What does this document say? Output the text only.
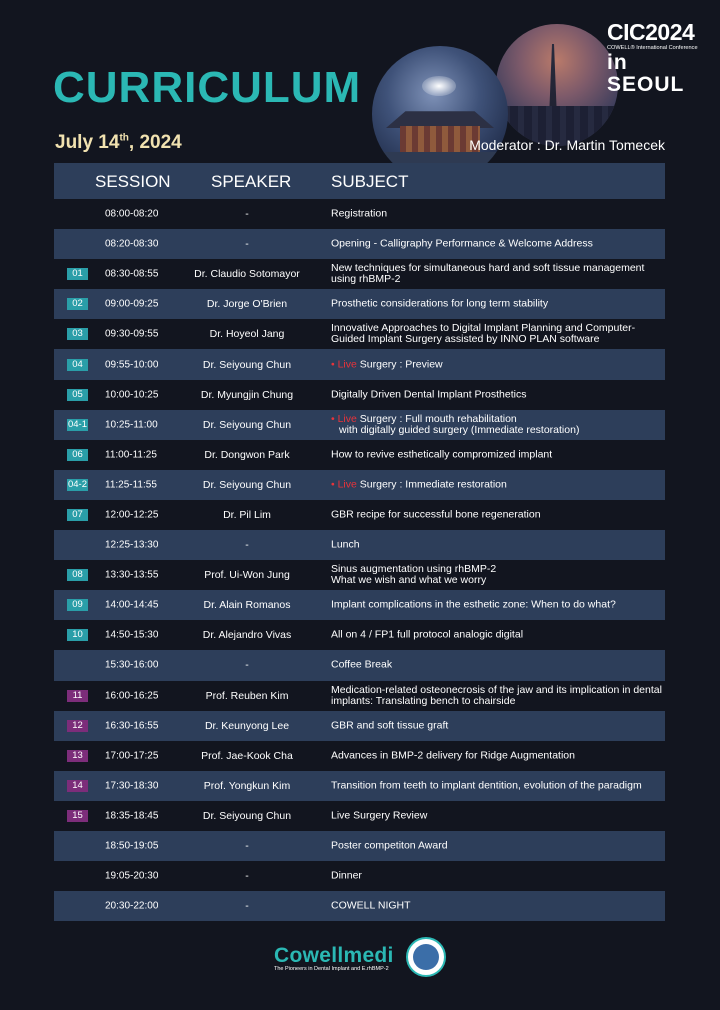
CIC2024
COWELL® International Conference
in SEOUL
CURRICULUM
July 14th, 2024	Moderator : Dr. Martin Tomecek
SESSION SPEAKER SUBJECT
08:00-08:20	-	Registration
08:20-08:30	-	Opening - Calligraphy Performance & Welcome Address
01	08:30-08:55	Dr. Claudio Sotomayor	New techniques for simultaneous hard and soft tissue management using rhBMP-2
02	09:00-09:25	Dr. Jorge O'Brien	Prosthetic considerations for long term stability
03	09:30-09:55	Dr. Hoyeol Jang	Innovative Approaches to Digital Implant Planning and Computer-Guided Implant Surgery assisted by INNO PLAN software
04	09:55-10:00	Dr. Seiyoung Chun	• Live Surgery : Preview
05	10:00-10:25	Dr. Myungjin Chung	Digitally Driven Dental Implant Prosthetics
04-1 10:25-11:00	Dr. Seiyoung Chun	• Live Surgery : Full mouth rehabilitation
with digitally guided surgery (Immediate restoration)
06	11:00-11:25	Dr. Dongwon Park	How to revive esthetically compromized implant
04-2 11:25-11:55	Dr. Seiyoung Chun	• Live Surgery : Immediate restoration
07	12:00-12:25	Dr. Pil Lim	GBR recipe for successful bone regeneration
12:25-13:30	-	Lunch
08	13:30-13:55	Prof. Ui-Won Jung	Sinus augmentation using rhBMP-2
What we wish and what we worry
09	14:00-14:45	Dr. Alain Romanos	Implant complications in the esthetic zone: When to do what?
10	14:50-15:30	Dr. Alejandro Vivas	All on 4 / FP1 full protocol analogic digital
15:30-16:00	-	Coffee Break
11	16:00-16:25	Prof. Reuben Kim	Medication-related osteonecrosis of the jaw and its implication in dental implants: Translating bench to chairside
12	16:30-16:55	Dr. Keunyong Lee	GBR and soft tissue graft
13	17:00-17:25	Prof. Jae-Kook Cha	Advances in BMP-2 delivery for Ridge Augmentation
14	17:30-18:30	Prof. Yongkun Kim	Transition from teeth to implant dentition, evolution of the paradigm
15	18:35-18:45	Dr. Seiyoung Chun	Live Surgery Review
18:50-19:05	-	Poster competiton Award
19:05-20:30	-	Dinner
20:30-22:00	-	COWELL NIGHT
Cowellmedi
The Pioneers in Dental Implant and E.rhBMP-2
